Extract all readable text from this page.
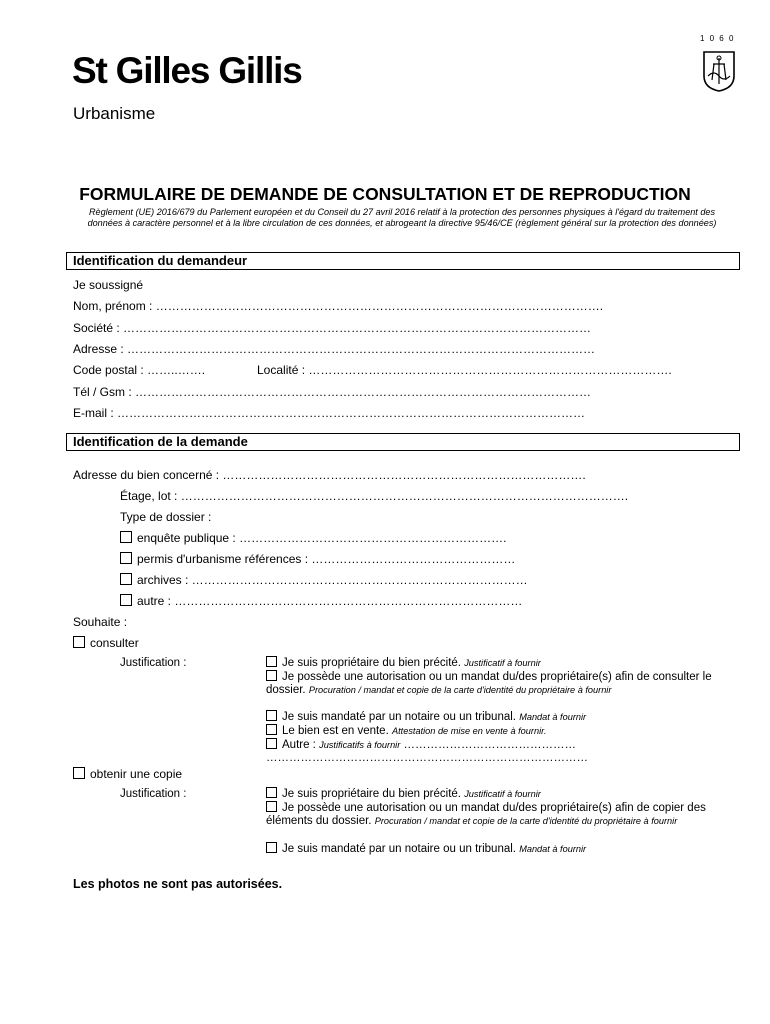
St Gilles Gillis
Urbanisme
1060
FORMULAIRE DE DEMANDE DE CONSULTATION ET DE REPRODUCTION
Règlement (UE) 2016/679 du Parlement européen et du Conseil du 27 avril 2016 relatif à la protection des personnes physiques à l'égard du traitement des données à caractère personnel et à la libre circulation de ces données, et abrogeant la directive 95/46/CE (règlement général sur la protection des données)
Identification du demandeur
Je soussigné
Nom, prénom : ………………………………………………………………………………………………….
Société : ………………………………………………………………………………………………………
Adresse : ………………………………………………………………………………………………………
Code postal : ……..…….	Localité : ……………………………………………………………………………….
Tél / Gsm : ……………………………………………………………………………………………………
E-mail : ………………………………………………………………………………………………………
Identification de la demande
Adresse du bien concerné : ……………………………………………………………………………….
Étage, lot : ………………………………………………………………………………………………….
Type de dossier :
enquête publique : ………………………………………………………….
permis d'urbanisme références : ……………………………………………
archives : …………………………………………………………………………
autre : ……………………………………………………………………………
Souhaite :
consulter
Justification :	Je suis propriétaire du bien précité. Justificatif à fournir
Je possède une autorisation ou un mandat du/des propriétaire(s) afin de consulter le dossier. Procuration / mandat et copie de la carte d'identité du propriétaire à fournir
Je suis mandaté par un notaire ou un tribunal. Mandat à fournir
Le bien est en vente. Attestation de mise en vente à fournir.
Autre : Justificatifs à fournir ………………………………………
…………………………………………………………………………
obtenir une copie
Justification :	Je suis propriétaire du bien précité. Justificatif à fournir
Je possède une autorisation ou un mandat du/des propriétaire(s) afin de copier des éléments du dossier. Procuration / mandat et copie de la carte d'identité du propriétaire à fournir
Je suis mandaté par un notaire ou un tribunal. Mandat à fournir
Les photos ne sont pas autorisées.
